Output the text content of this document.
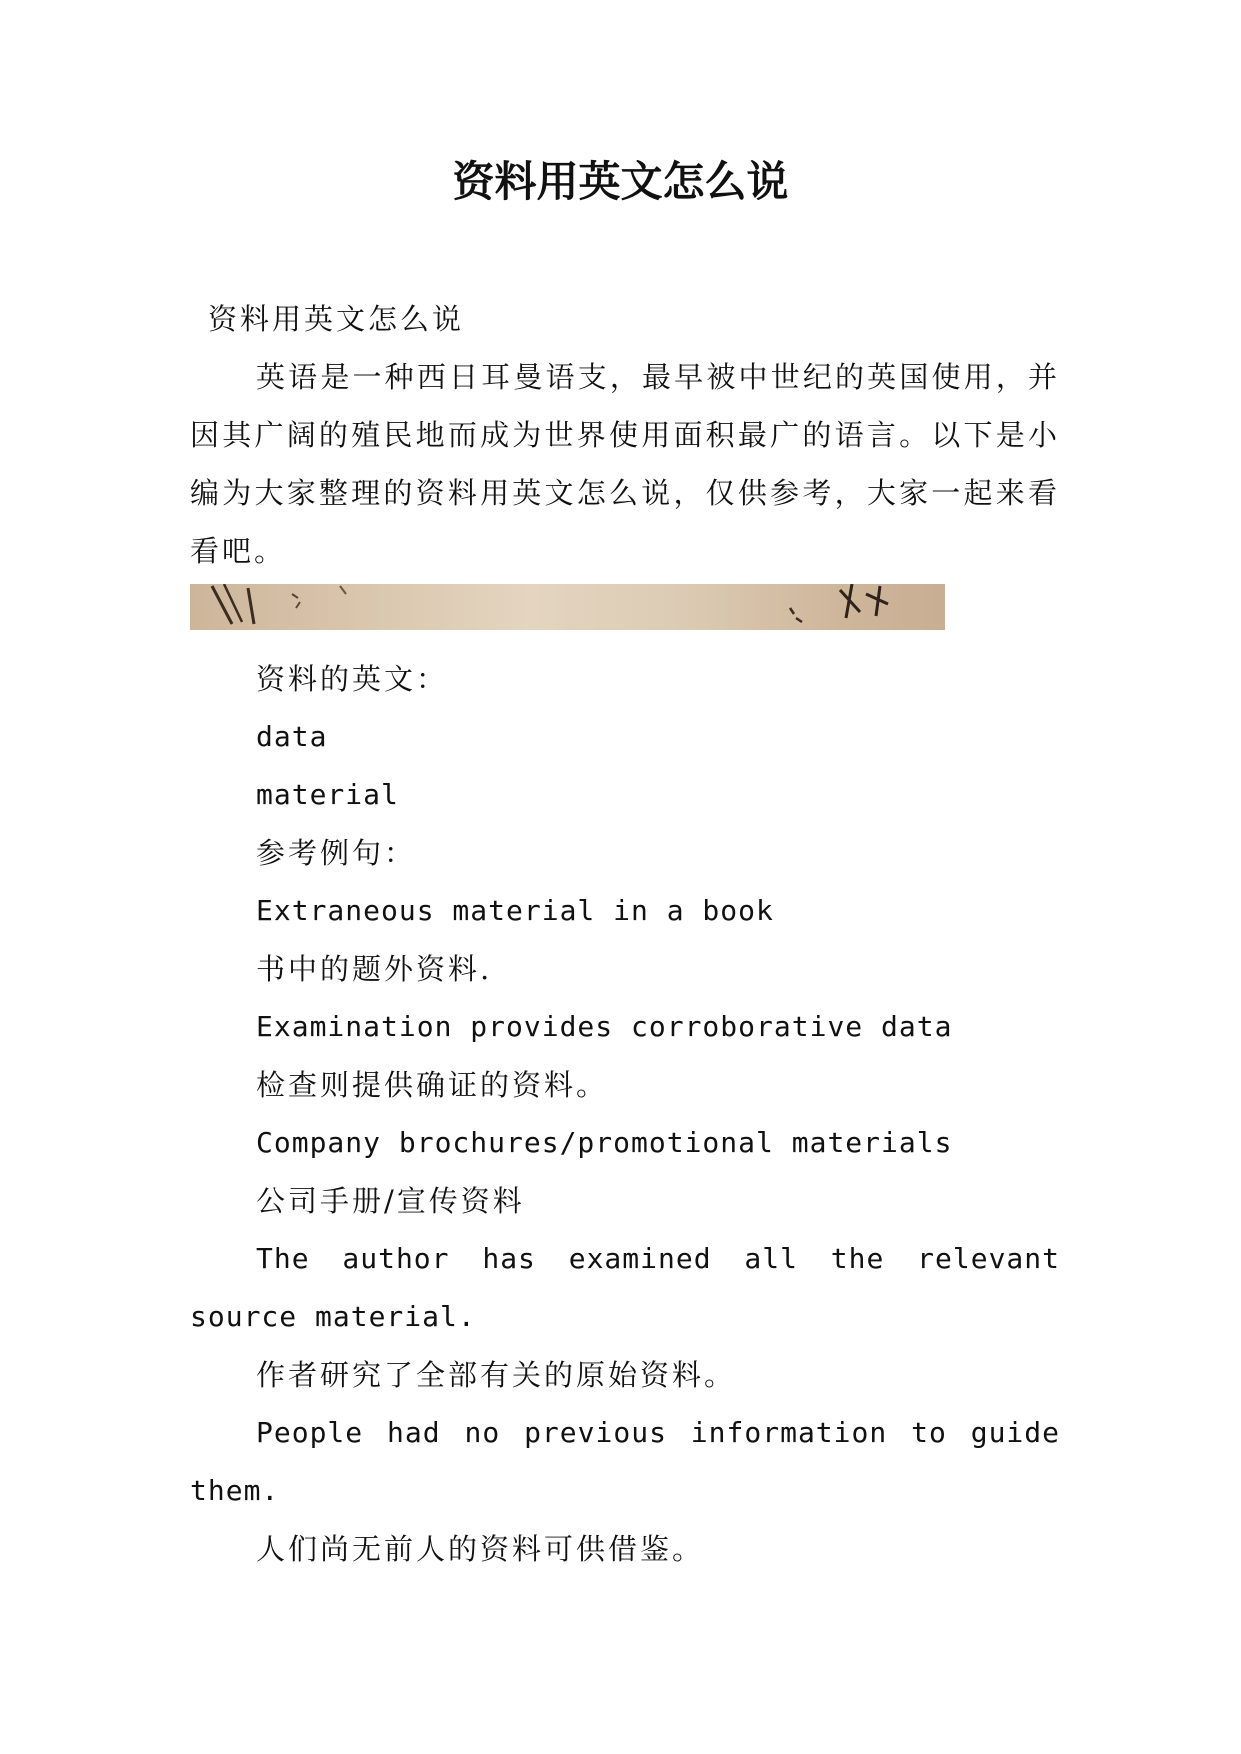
资料用英文怎么说

资料用英文怎么说

英语是一种西日耳曼语支，最早被中世纪的英国使用，并因其广阔的殖民地而成为世界使用面积最广的语言。以下是小编为大家整理的资料用英文怎么说，仅供参考，大家一起来看看吧。

资料的英文：

data

material

参考例句：

Extraneous material in a book

书中的题外资料.

Examination provides corroborative data

检查则提供确证的资料。

Company brochures/promotional materials

公司手册/宣传资料

The author has examined all the relevant source material.

作者研究了全部有关的原始资料。

People had no previous information to guide them.

人们尚无前人的资料可供借鉴。
